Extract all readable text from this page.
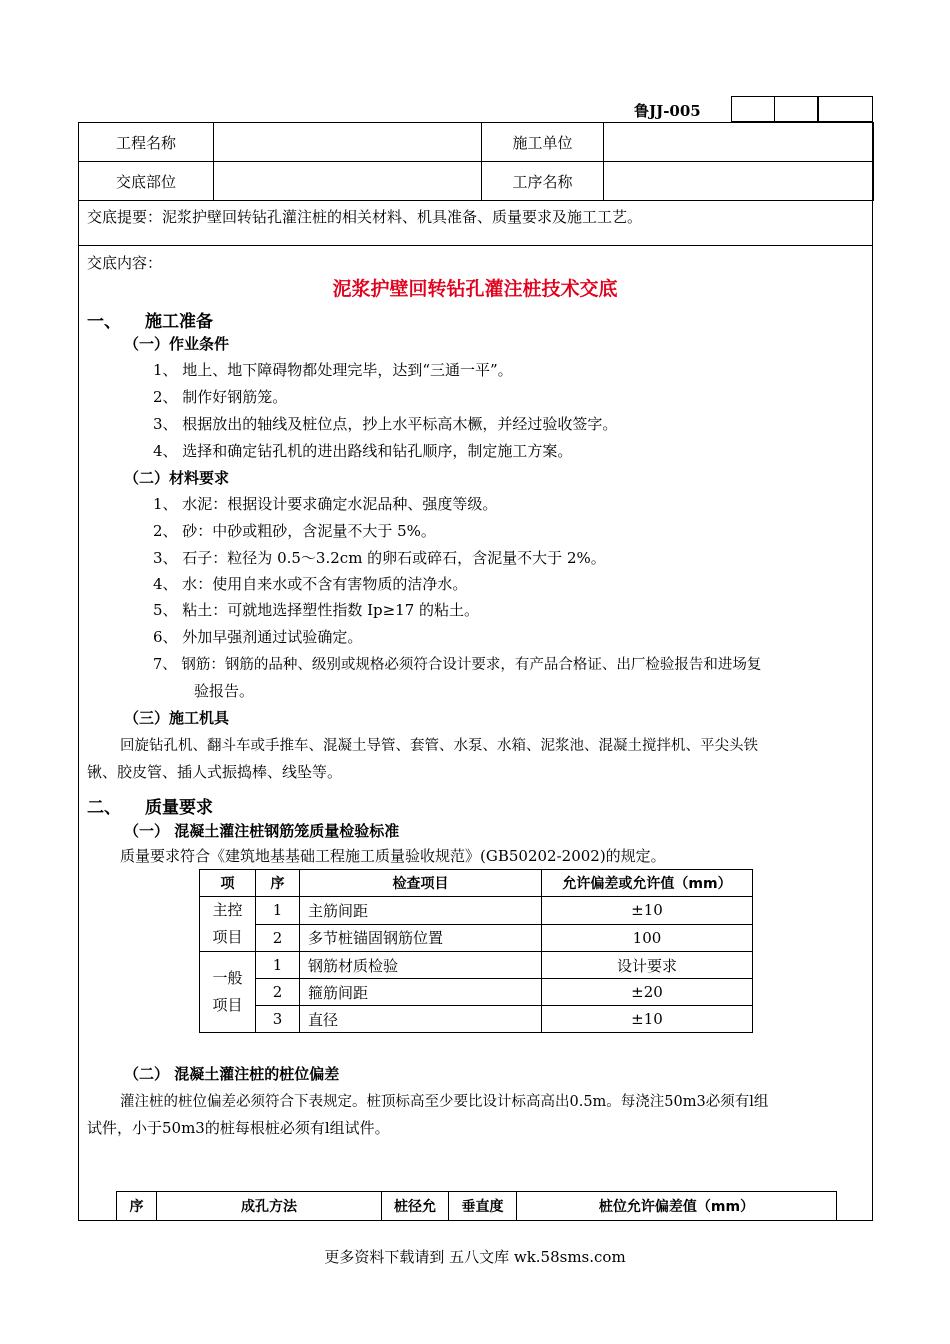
鲁JJ-005
工程名称		施工单位	
交底部位		工序名称	
交底提要：泥浆护壁回转钻孔灌注桩的相关材料、机具准备、质量要求及施工工艺。
交底内容：
泥浆护壁回转钻孔灌注桩技术交底
一、 施工准备
（一）作业条件
1、 地上、地下障碍物都处理完毕，达到“三通一平”。
2、 制作好钢筋笼。
3、 根据放出的轴线及桩位点，抄上水平标高木橛，并经过验收签字。
4、 选择和确定钻孔机的进出路线和钻孔顺序，制定施工方案。
（二）材料要求
1、 水泥：根据设计要求确定水泥品种、强度等级。
2、 砂：中砂或粗砂，含泥量不大于 5%。
3、 石子：粒径为 0.5～3.2cm 的卵石或碎石，含泥量不大于 2%。
4、 水：使用自来水或不含有害物质的洁净水。
5、 粘土：可就地选择塑性指数 Ip≥17 的粘土。
6、 外加早强剂通过试验确定。
7、 钢筋：钢筋的品种、级别或规格必须符合设计要求，有产品合格证、出厂检验报告和进场复
验报告。
（三）施工机具
回旋钻孔机、翻斗车或手推车、混凝土导管、套管、水泵、水箱、泥浆池、混凝土搅拌机、平尖头铁
锹、胶皮管、插人式振捣棒、线坠等。
二、 质量要求
（一） 混凝土灌注桩钢筋笼质量检验标准
质量要求符合《建筑地基基础工程施工质量验收规范》(GB50202-2002)的规定。
项	序	检查项目	允许偏差或允许值（mm）

主控
项目	1	主筋间距	±10
	2	多节桩锚固钢筋位置	100

一般
项目	1	钢筋材质检验	设计要求
	2	箍筋间距	±20
	3	直径	±10
（二） 混凝土灌注桩的桩位偏差
灌注桩的桩位偏差必须符合下表规定。桩顶标高至少要比设计标高高出0.5m。每浇注50m3必须有l组
试件，小于50m3的桩每根桩必须有l组试件。
序	成孔方法	桩径允	垂直度	桩位允许偏差值（mm）
更多资料下载请到 五八文库 wk.58sms.com
